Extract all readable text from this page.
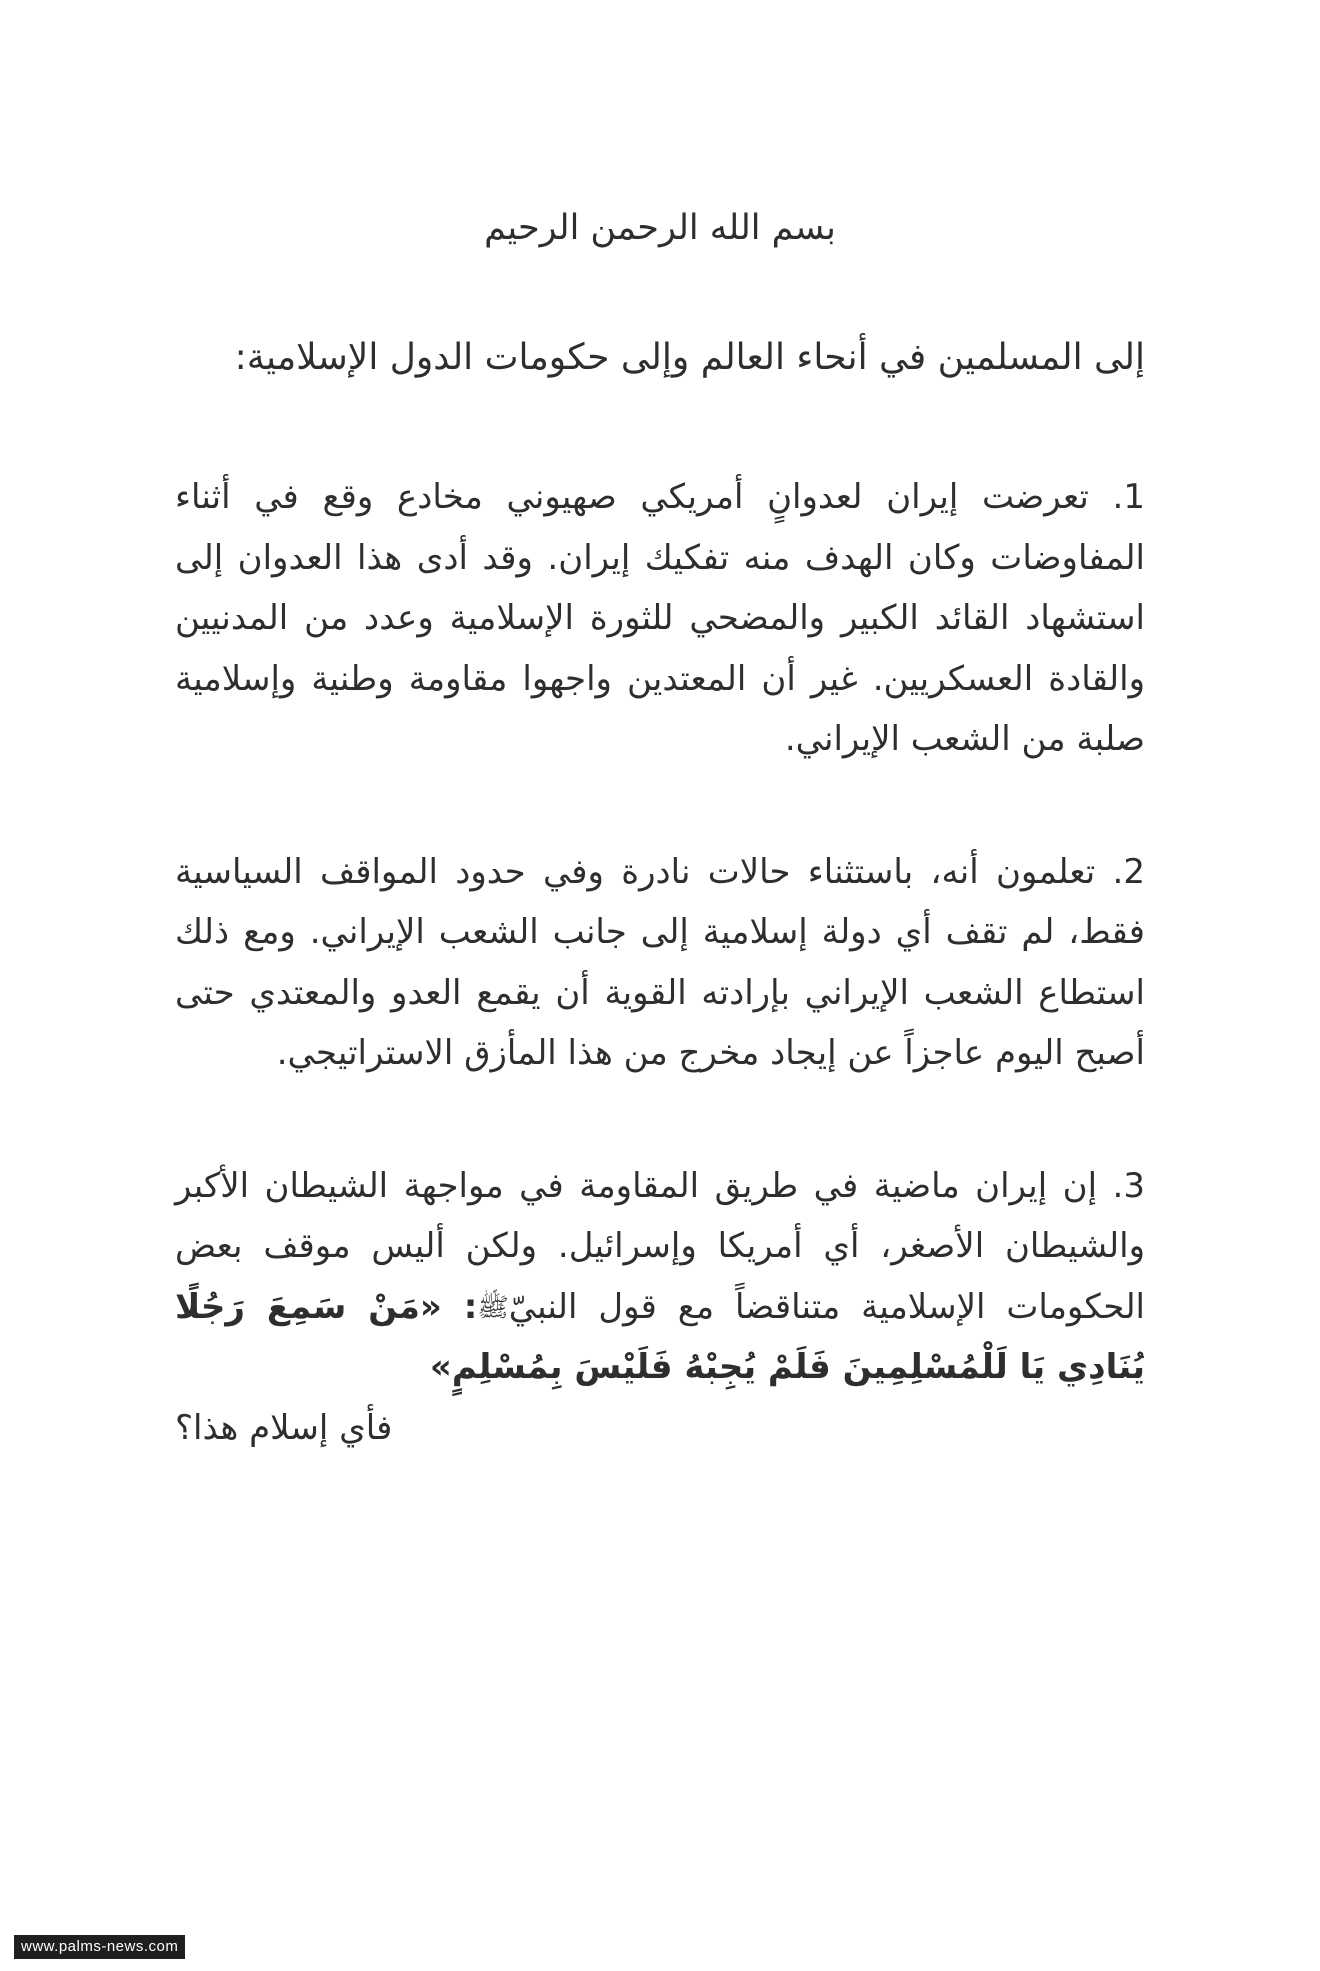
بسم الله الرحمن الرحيم

إلى المسلمين في أنحاء العالم وإلى حكومات الدول الإسلامية:

1. تعرضت إيران لعدوانٍ أمريكي صهيوني مخادع وقع في أثناء المفاوضات وكان الهدف منه تفكيك إيران. وقد أدى هذا العدوان إلى استشهاد القائد الكبير والمضحي للثورة الإسلامية وعدد من المدنيين والقادة العسكريين. غير أن المعتدين واجهوا مقاومة وطنية وإسلامية صلبة من الشعب الإيراني.

2. تعلمون أنه، باستثناء حالات نادرة وفي حدود المواقف السياسية فقط، لم تقف أي دولة إسلامية إلى جانب الشعب الإيراني. ومع ذلك استطاع الشعب الإيراني بإرادته القوية أن يقمع العدو والمعتدي حتى أصبح اليوم عاجزاً عن إيجاد مخرج من هذا المأزق الاستراتيجي.

3. إن إيران ماضية في طريق المقاومة في مواجهة الشيطان الأكبر والشيطان الأصغر، أي أمريكا وإسرائيل. ولكن أليس موقف بعض الحكومات الإسلامية متناقضاً مع قول النبيّﷺ: «مَنْ سَمِعَ رَجُلًا يُنَادِي يَا لَلْمُسْلِمِينَ فَلَمْ يُجِبْهُ فَلَيْسَ بِمُسْلِمٍ»
فأي إسلام هذا؟

www.palms-news.com
